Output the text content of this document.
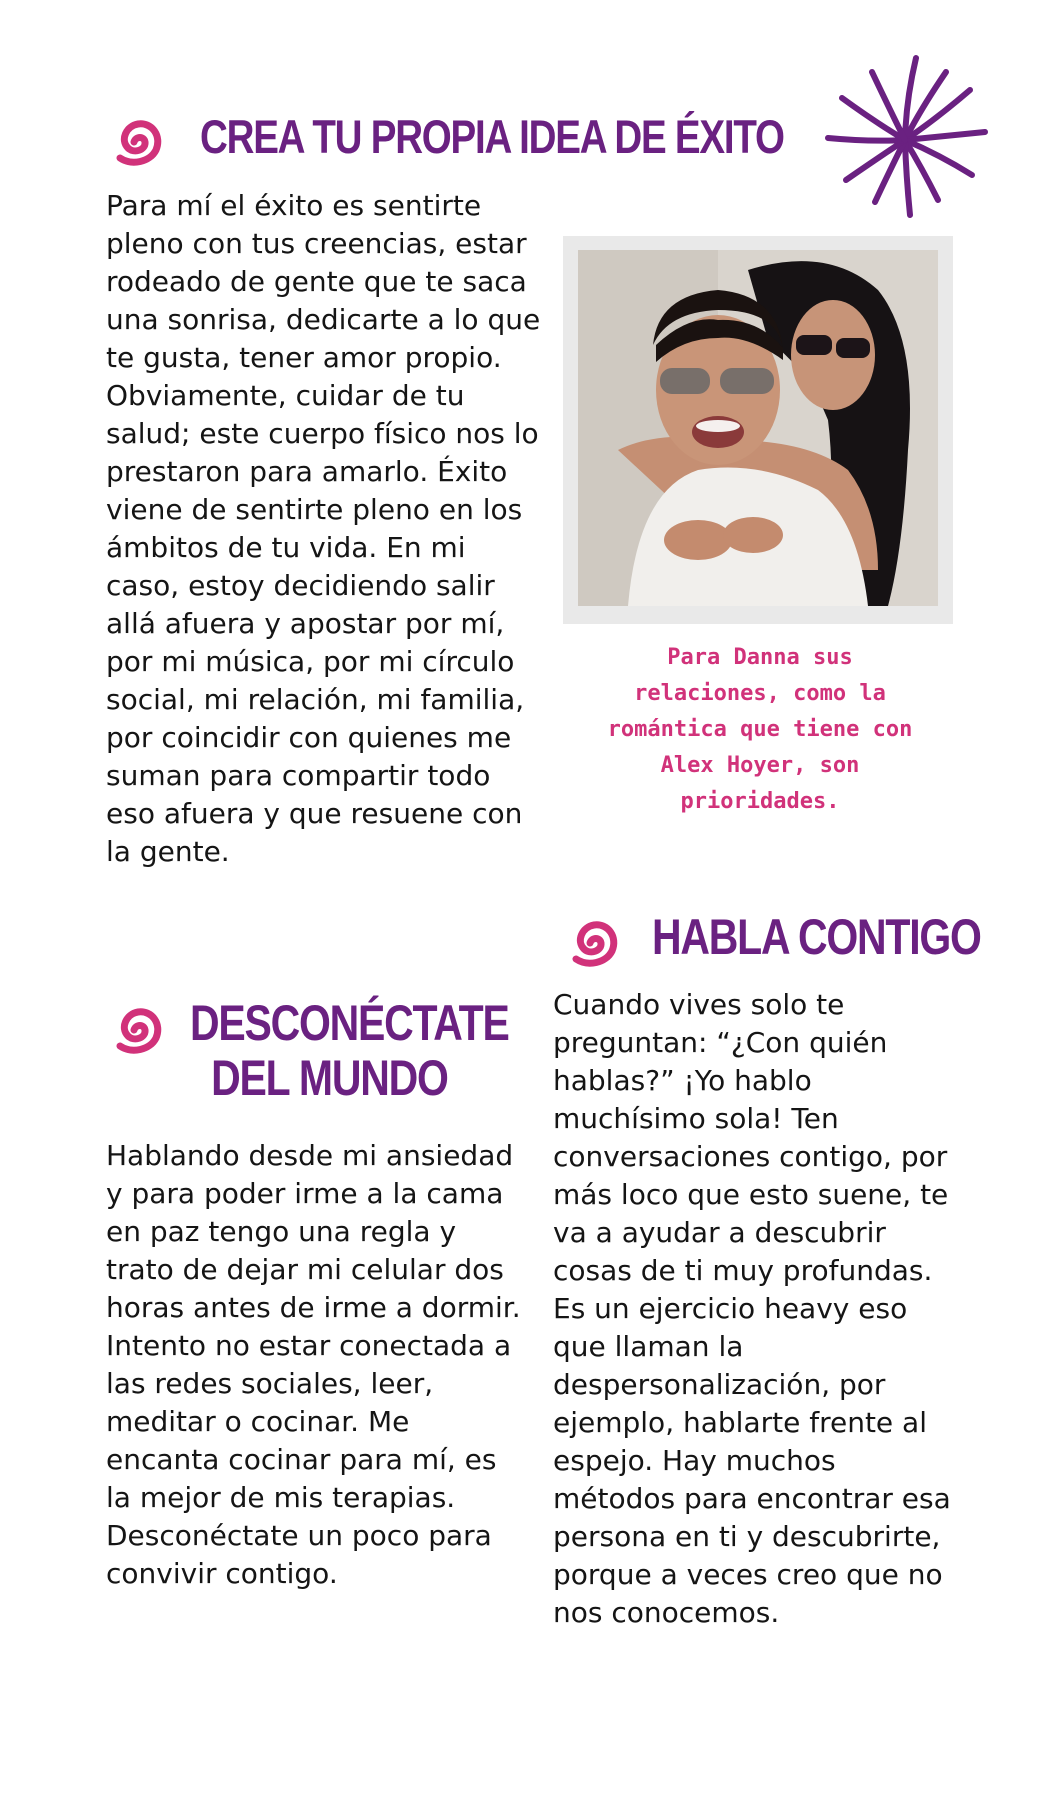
CREA TU PROPIA IDEA DE ÉXITO

Para mí el éxito es sentirte pleno con tus creencias, estar rodeado de gente que te saca una sonrisa, dedicarte a lo que te gusta, tener amor propio. Obviamente, cuidar de tu salud; este cuerpo físico nos lo prestaron para amarlo. Éxito viene de sentirte pleno en los ámbitos de tu vida. En mi caso, estoy decidiendo salir allá afuera y apostar por mí, por mi música, por mi círculo social, mi relación, mi familia, por coincidir con quienes me suman para compartir todo eso afuera y que resuene con la gente.

Para Danna sus relaciones, como la romántica que tiene con Alex Hoyer, son prioridades.

HABLA CONTIGO

Cuando vives solo te preguntan: “¿Con quién hablas?” ¡Yo hablo muchísimo sola! Ten conversaciones contigo, por más loco que esto suene, te va a ayudar a descubrir cosas de ti muy profundas. Es un ejercicio heavy eso que llaman la despersonalización, por ejemplo, hablarte frente al espejo. Hay muchos métodos para encontrar esa persona en ti y descubrirte, porque a veces creo que no nos conocemos.

DESCONÉCTATE
DEL MUNDO

Hablando desde mi ansiedad y para poder irme a la cama en paz tengo una regla y trato de dejar mi celular dos horas antes de irme a dormir. Intento no estar conectada a las redes sociales, leer, meditar o cocinar. Me encanta cocinar para mí, es la mejor de mis terapias. Desconéctate un poco para convivir contigo.
